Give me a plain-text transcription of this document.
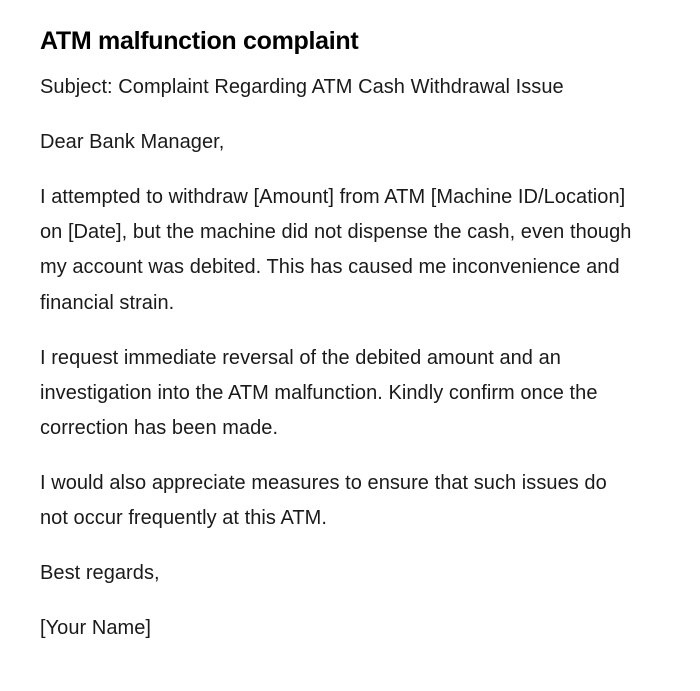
ATM malfunction complaint

Subject: Complaint Regarding ATM Cash Withdrawal Issue

Dear Bank Manager,

I attempted to withdraw [Amount] from ATM [Machine ID/Location] on [Date], but the machine did not dispense the cash, even though my account was debited. This has caused me inconvenience and financial strain.

I request immediate reversal of the debited amount and an investigation into the ATM malfunction. Kindly confirm once the correction has been made.

I would also appreciate measures to ensure that such issues do not occur frequently at this ATM.

Best regards,

[Your Name]
